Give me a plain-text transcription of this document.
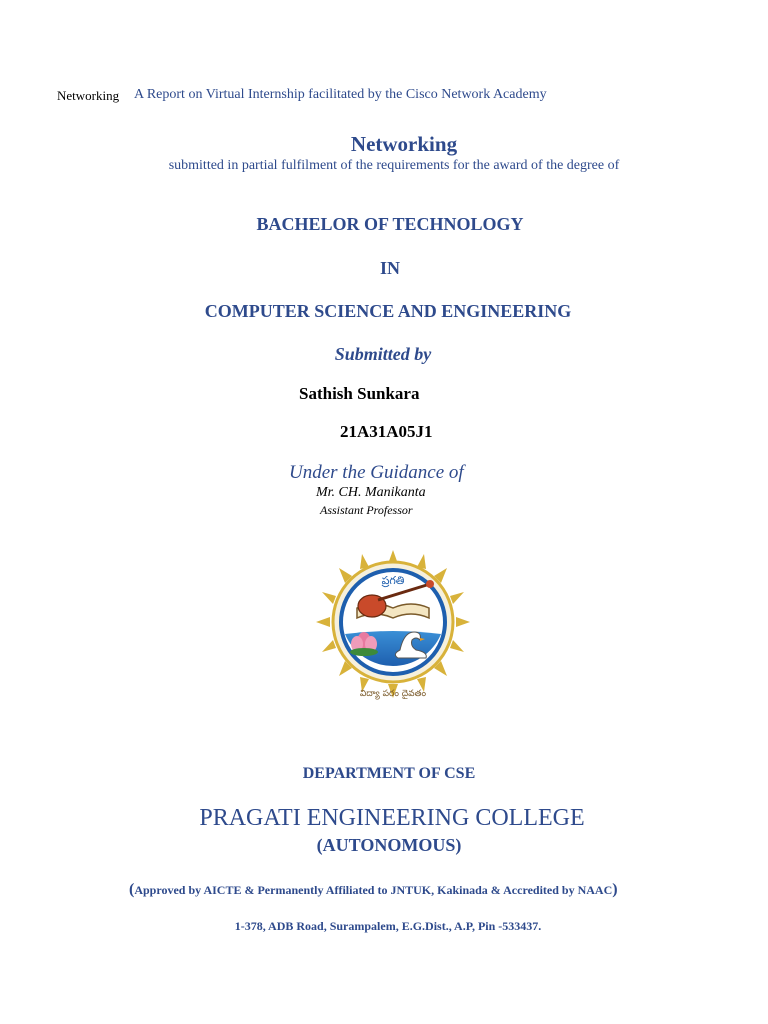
Networking A Report on Virtual Internship facilitated by the Cisco Network Academy
Networking
submitted in partial fulfilment of the requirements for the award of the degree of
BACHELOR OF TECHNOLOGY
IN
COMPUTER SCIENCE AND ENGINEERING
Submitted by
Sathish Sunkara
21A31A05J1
Under the Guidance of
Mr. CH. Manikanta
Assistant Professor
ప్రగతి
విద్యా పరం దైవతం
DEPARTMENT OF CSE
PRAGATI ENGINEERING COLLEGE
(AUTONOMOUS)
(Approved by AICTE & Permanently Affiliated to JNTUK, Kakinada & Accredited by NAAC)
1-378, ADB Road, Surampalem, E.G.Dist., A.P, Pin -533437.
